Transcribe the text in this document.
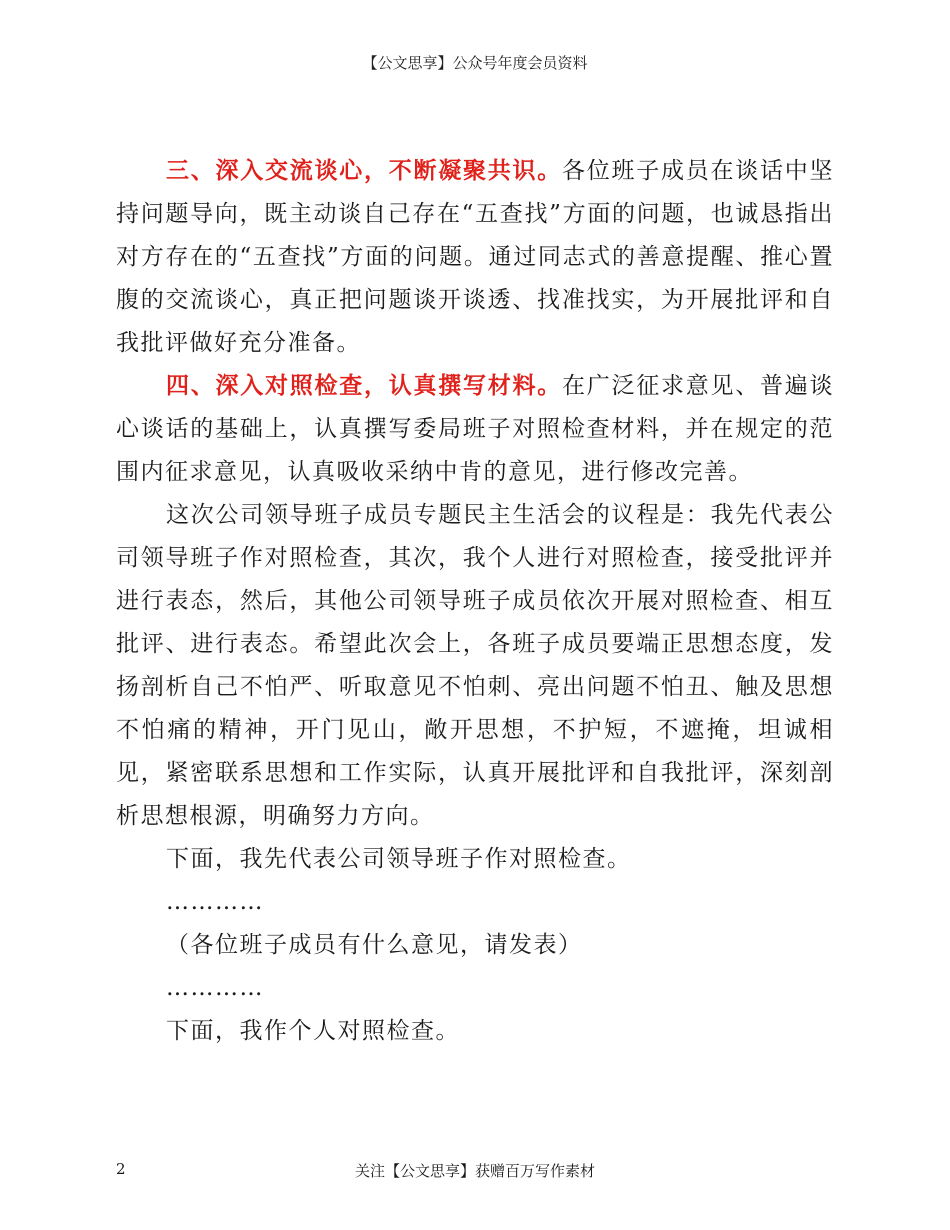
【公文思享】公众号年度会员资料

三、深入交流谈心，不断凝聚共识。各位班子成员在谈话中坚持问题导向，既主动谈自己存在“五查找”方面的问题，也诚恳指出对方存在的“五查找”方面的问题。通过同志式的善意提醒、推心置腹的交流谈心，真正把问题谈开谈透、找准找实，为开展批评和自我批评做好充分准备。

四、深入对照检查，认真撰写材料。在广泛征求意见、普遍谈心谈话的基础上，认真撰写委局班子对照检查材料，并在规定的范围内征求意见，认真吸收采纳中肯的意见，进行修改完善。

这次公司领导班子成员专题民主生活会的议程是：我先代表公司领导班子作对照检查，其次，我个人进行对照检查，接受批评并进行表态，然后，其他公司领导班子成员依次开展对照检查、相互批评、进行表态。希望此次会上，各班子成员要端正思想态度，发扬剖析自己不怕严、听取意见不怕刺、亮出问题不怕丑、触及思想不怕痛的精神，开门见山，敞开思想，不护短，不遮掩，坦诚相见，紧密联系思想和工作实际，认真开展批评和自我批评，深刻剖析思想根源，明确努力方向。

下面，我先代表公司领导班子作对照检查。

…………

（各位班子成员有什么意见，请发表）

…………

下面，我作个人对照检查。

2	关注【公文思享】获赠百万写作素材
